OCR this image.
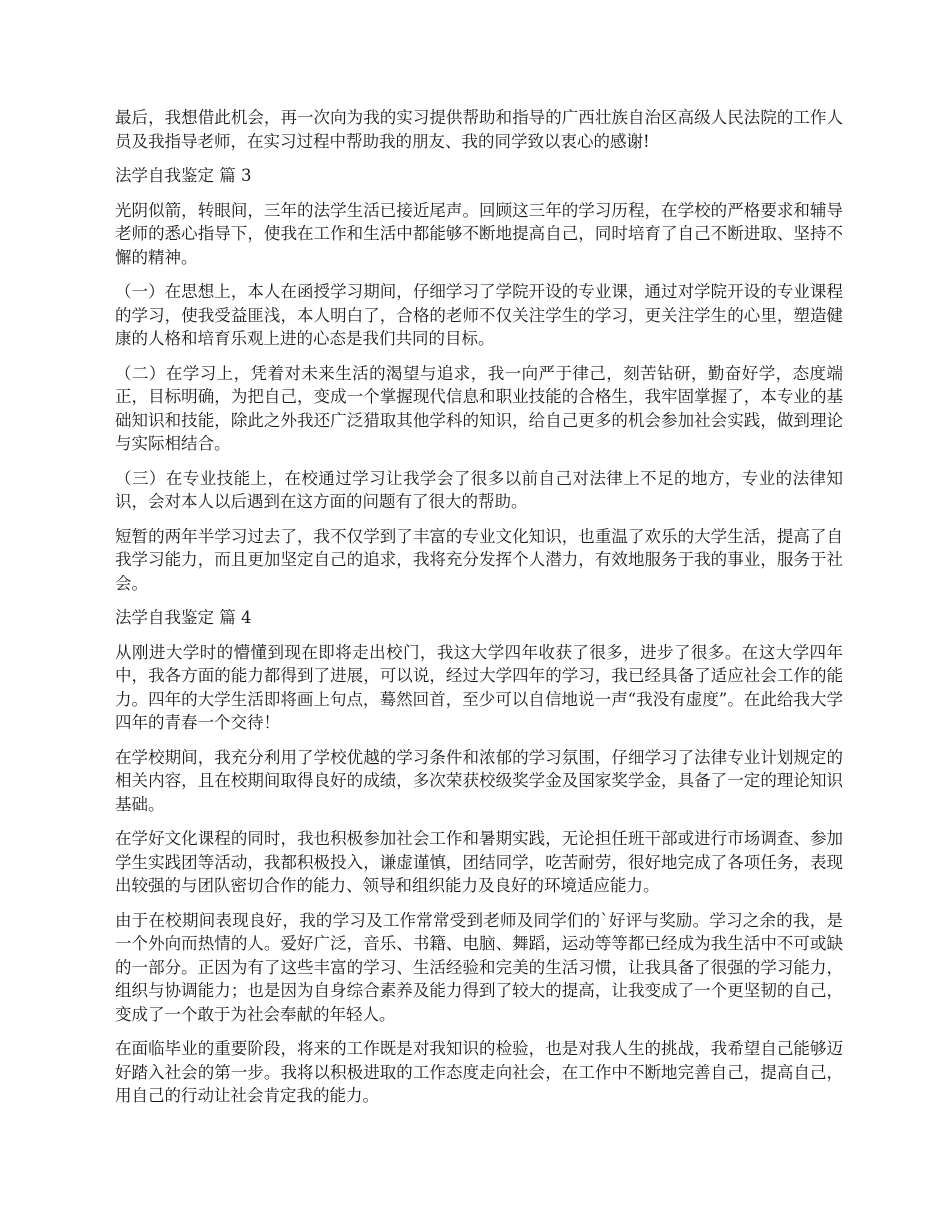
最后，我想借此机会，再一次向为我的实习提供帮助和指导的广西壮族自治区高级人民法院的工作人员及我指导老师，在实习过程中帮助我的朋友、我的同学致以衷心的感谢!

法学自我鉴定 篇 3

光阴似箭，转眼间，三年的法学生活已接近尾声。回顾这三年的学习历程，在学校的严格要求和辅导老师的悉心指导下，使我在工作和生活中都能够不断地提高自己，同时培育了自己不断进取、坚持不懈的精神。

（一）在思想上，本人在函授学习期间，仔细学习了学院开设的专业课，通过对学院开设的专业课程的学习，使我受益匪浅，本人明白了，合格的老师不仅关注学生的学习，更关注学生的心里，塑造健康的人格和培育乐观上进的心态是我们共同的目标。

（二）在学习上，凭着对未来生活的渴望与追求，我一向严于律己，刻苦钻研，勤奋好学，态度端正，目标明确，为把自己，变成一个掌握现代信息和职业技能的合格生，我牢固掌握了，本专业的基础知识和技能，除此之外我还广泛猎取其他学科的知识，给自己更多的机会参加社会实践，做到理论与实际相结合。

（三）在专业技能上，在校通过学习让我学会了很多以前自己对法律上不足的地方，专业的法律知识，会对本人以后遇到在这方面的问题有了很大的帮助。

短暂的两年半学习过去了，我不仅学到了丰富的专业文化知识，也重温了欢乐的大学生活，提高了自我学习能力，而且更加坚定自己的追求，我将充分发挥个人潜力，有效地服务于我的事业，服务于社会。

法学自我鉴定 篇 4

从刚进大学时的懵懂到现在即将走出校门，我这大学四年收获了很多，进步了很多。在这大学四年中，我各方面的能力都得到了进展，可以说，经过大学四年的学习，我已经具备了适应社会工作的能力。四年的大学生活即将画上句点，蓦然回首，至少可以自信地说一声“我没有虚度”。在此给我大学四年的青春一个交待！

在学校期间，我充分利用了学校优越的学习条件和浓郁的学习氛围，仔细学习了法律专业计划规定的相关内容，且在校期间取得良好的成绩，多次荣获校级奖学金及国家奖学金，具备了一定的理论知识基础。

在学好文化课程的同时，我也积极参加社会工作和暑期实践，无论担任班干部或进行市场调查、参加学生实践团等活动，我都积极投入，谦虚谨慎，团结同学，吃苦耐劳，很好地完成了各项任务，表现出较强的与团队密切合作的能力、领导和组织能力及良好的环境适应能力。

由于在校期间表现良好，我的学习及工作常常受到老师及同学们的`好评与奖励。学习之余的我，是一个外向而热情的人。爱好广泛，音乐、书籍、电脑、舞蹈，运动等等都已经成为我生活中不可或缺的一部分。正因为有了这些丰富的学习、生活经验和完美的生活习惯，让我具备了很强的学习能力，组织与协调能力；也是因为自身综合素养及能力得到了较大的提高，让我变成了一个更坚韧的自己，变成了一个敢于为社会奉献的年轻人。

在面临毕业的重要阶段，将来的工作既是对我知识的检验，也是对我人生的挑战，我希望自己能够迈好踏入社会的第一步。我将以积极进取的工作态度走向社会，在工作中不断地完善自己，提高自己，用自己的行动让社会肯定我的能力。
